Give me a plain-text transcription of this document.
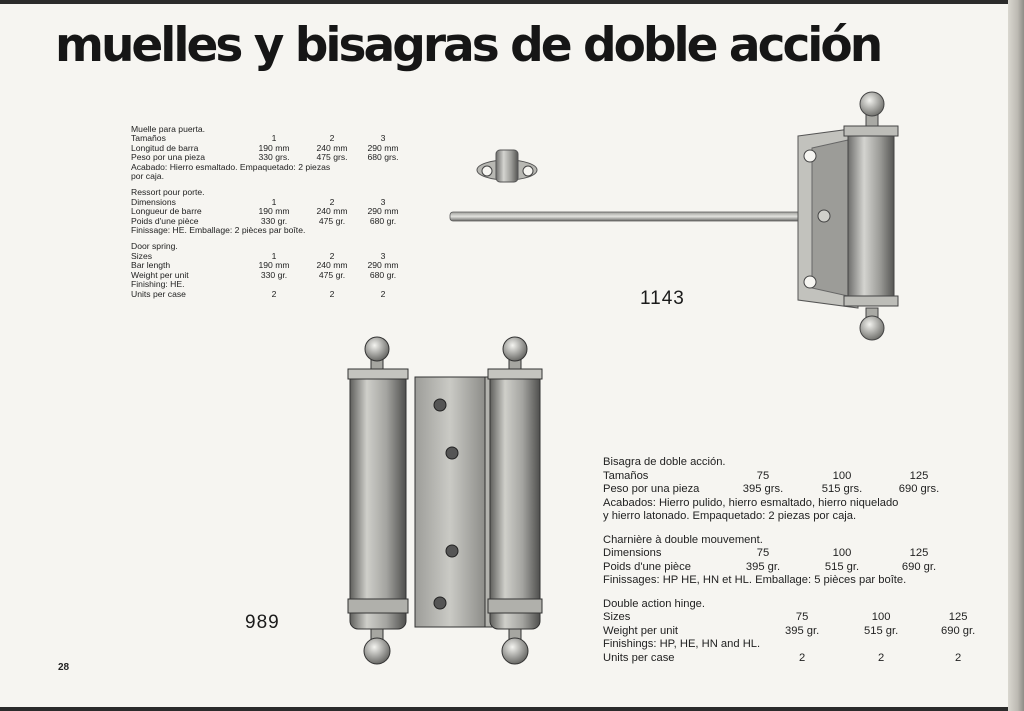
muelles y bisagras de doble acción
Muelle para puerta.
Tamaños	1	2	3
Longitud de barra	190 mm	240 mm	290 mm
Peso por una pieza	330 grs.	475 grs.	680 grs.
Acabado: Hierro esmaltado. Empaquetado: 2 piezas
por caja.
Ressort pour porte.
Dimensions	1	2	3
Longueur de barre	190 mm	240 mm	290 mm
Poids d'une pièce	330 gr.	475 gr.	680 gr.
Finissage: HE. Emballage: 2 pièces par boîte.
Door spring.
Sizes	1	2	3
Bar length	190 mm	240 mm	290 mm
Weight per unit	330 gr.	475 gr.	680 gr.
Finishing: HE.			
Units per case	2	2	2
Bisagra de doble acción.
Tamaños	75	100	125
Peso por una pieza	395 grs.	515 grs.	690 grs.
Acabados: Hierro pulido, hierro esmaltado, hierro niquelado
y hierro latonado. Empaquetado: 2 piezas por caja.
Charnière à double mouvement.
Dimensions	75	100	125
Poids d'une pièce	395 gr.	515 gr.	690 gr.
Finissages: HP HE, HN et HL. Emballage: 5 pièces par boîte.
Double action hinge.
Sizes	75	100	125
Weight per unit	395 gr.	515 gr.	690 gr.
Finishings: HP, HE, HN and HL.			
Units per case	2	2	2
1143
989
28
